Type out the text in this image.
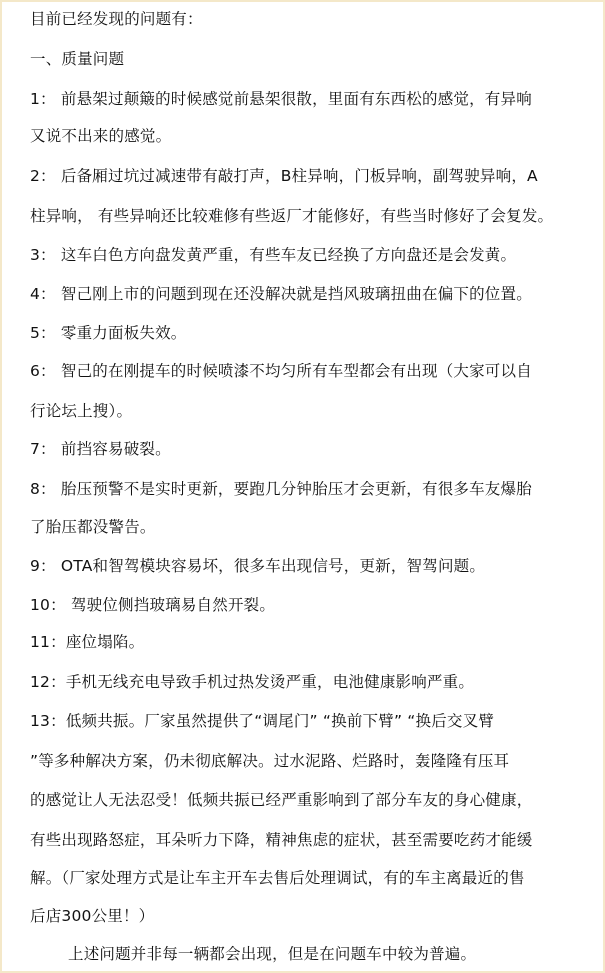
目前已经发现的问题有：
一、质量问题
1： 前悬架过颠簸的时候感觉前悬架很散，里面有东西松的感觉，有异响
又说不出来的感觉。
2： 后备厢过坑过减速带有敲打声，B柱异响，门板异响，副驾驶异响，A
柱异响， 有些异响还比较难修有些返厂才能修好，有些当时修好了会复发。
3： 这车白色方向盘发黄严重，有些车友已经换了方向盘还是会发黄。
4： 智己刚上市的问题到现在还没解决就是挡风玻璃扭曲在偏下的位置。
5： 零重力面板失效。
6： 智己的在刚提车的时候喷漆不均匀所有车型都会有出现（大家可以自
行论坛上搜）。
7： 前挡容易破裂。
8： 胎压预警不是实时更新，要跑几分钟胎压才会更新，有很多车友爆胎
了胎压都没警告。
9： OTA和智驾模块容易坏，很多车出现信号，更新，智驾问题。
10： 驾驶位侧挡玻璃易自然开裂。
11：座位塌陷。
12：手机无线充电导致手机过热发烫严重，电池健康影响严重。
13：低频共振。厂家虽然提供了“调尾门” “换前下臂” “换后交叉臂
”等多种解决方案，仍未彻底解决。过水泥路、烂路时，轰隆隆有压耳
的感觉让人无法忍受！低频共振已经严重影响到了部分车友的身心健康，
有些出现路怒症，耳朵听力下降，精神焦虑的症状，甚至需要吃药才能缓
解。（厂家处理方式是让车主开车去售后处理调试，有的车主离最近的售
后店300公里！）
上述问题并非每一辆都会出现，但是在问题车中较为普遍。
